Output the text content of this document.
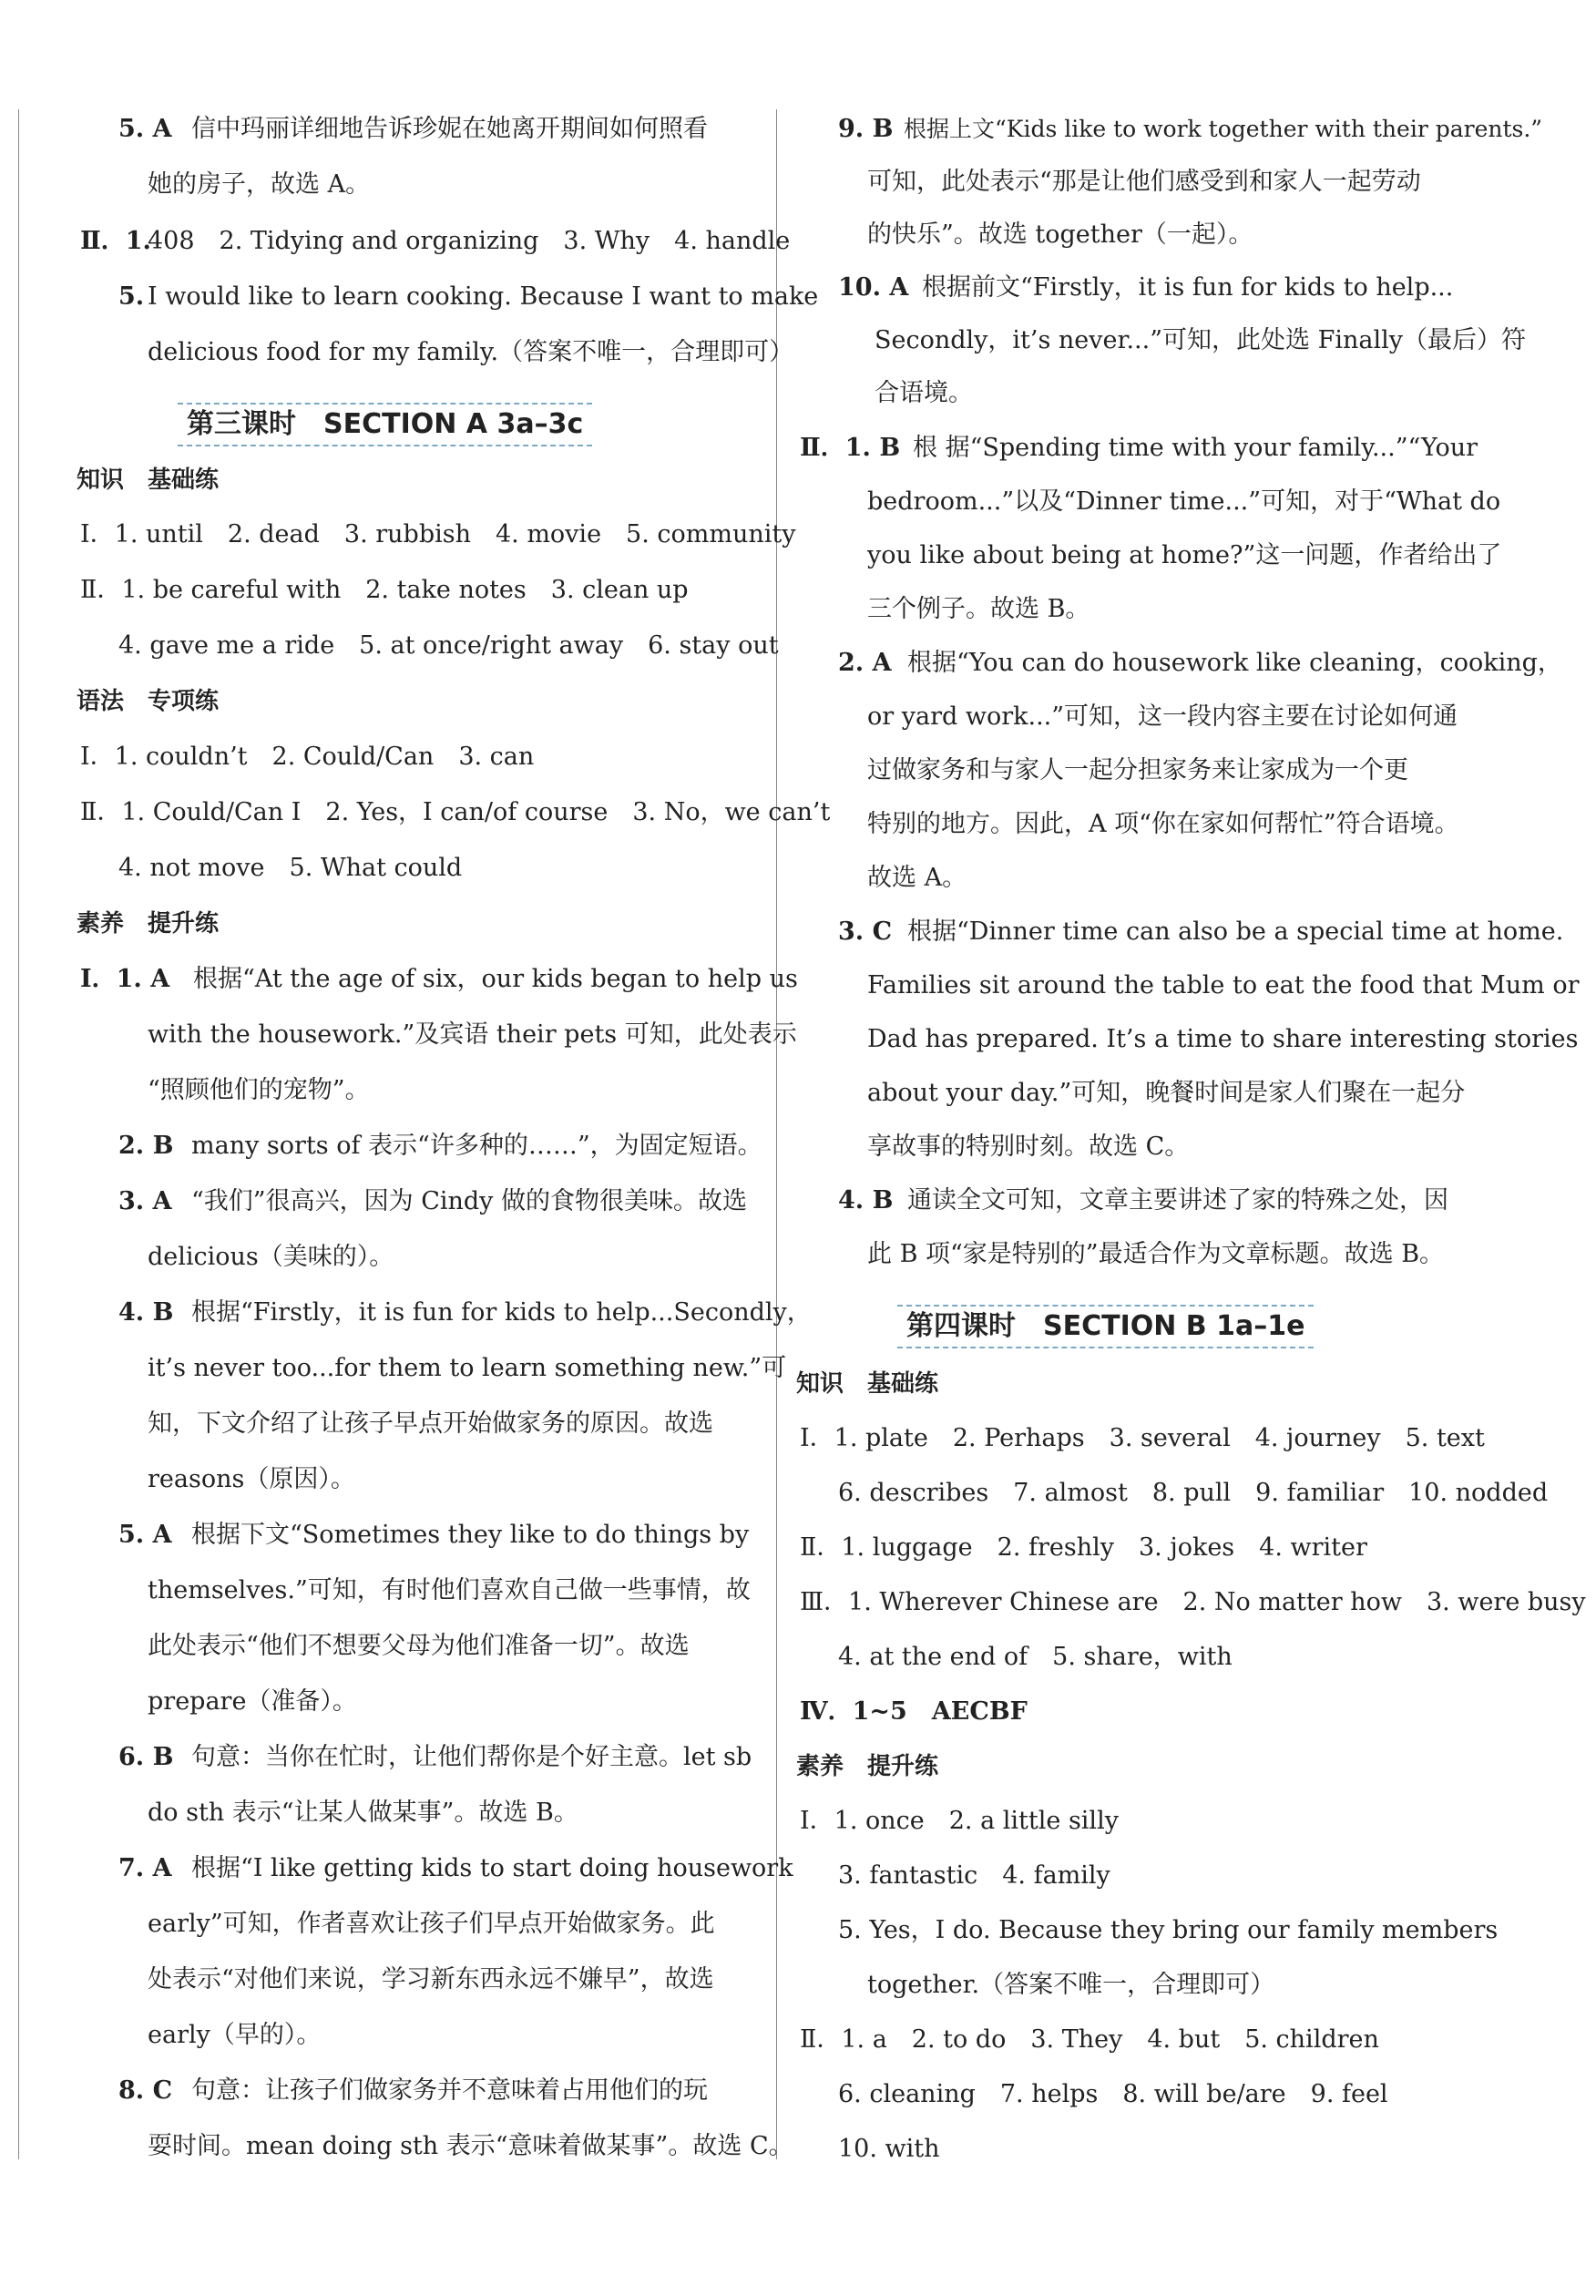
5. A 信中玛丽详细地告诉珍妮在她离开期间如何照看
她的房子，故选 A。
Ⅱ．1.
408　2. Tidying and organizing　3. Why　4. handle
5. I would like to learn cooking. Because I want to make
delicious food for my family.（答案不唯一，合理即可）
第三课时　SECTION A 3a–3c
知识　基础练
Ⅰ．1. until　2. dead　3. rubbish　4. movie　5. community
Ⅱ．1. be careful with　2. take notes　3. clean up
4. gave me a ride　5. at once/right away　6. stay out
语法　专项练
Ⅰ．1. couldn’t　2. Could/Can　3. can
Ⅱ．1. Could/Can I　2. Yes，I can/of course　3. No，we can’t
4. not move　5. What could
素养　提升练
Ⅰ．1. A 根据“At the age of six，our kids began to help us
with the housework.”及宾语 their pets 可知，此处表示
“照顾他们的宠物”。
2. B many sorts of 表示“许多种的……”，为固定短语。
3. A “我们”很高兴，因为 Cindy 做的食物很美味。故选
delicious（美味的）。
4. B 根据“Firstly，it is fun for kids to help...Secondly，
it’s never too...for them to learn something new.”可
知，下文介绍了让孩子早点开始做家务的原因。故选
reasons（原因）。
5. A 根据下文“Sometimes they like to do things by
themselves.”可知，有时他们喜欢自己做一些事情，故
此处表示“他们不想要父母为他们准备一切”。故选
prepare（准备）。
6. B 句意：当你在忙时，让他们帮你是个好主意。let sb
do sth 表示“让某人做某事”。故选 B。
7. A 根据“I like getting kids to start doing housework
early”可知，作者喜欢让孩子们早点开始做家务。此
处表示“对他们来说，学习新东西永远不嫌早”，故选
early（早的）。
8. C 句意：让孩子们做家务并不意味着占用他们的玩
耍时间。mean doing sth 表示“意味着做某事”。故选 C。
9. B 根据上文“Kids like to work together with their parents.”
可知，此处表示“那是让他们感受到和家人一起劳动
的快乐”。故选 together（一起）。
10. A 根据前文“Firstly，it is fun for kids to help...
Secondly，it’s never...”可知，此处选 Finally（最后）符
合语境。
Ⅱ．1. B 根 据“Spending time with your family...”“Your
bedroom...”以及“Dinner time...”可知，对于“What do
you like about being at home?”这一问题，作者给出了
三个例子。故选 B。
2. A 根据“You can do housework like cleaning，cooking，
or yard work...”可知，这一段内容主要在讨论如何通
过做家务和与家人一起分担家务来让家成为一个更
特别的地方。因此，A 项“你在家如何帮忙”符合语境。
故选 A。
3. C 根据“Dinner time can also be a special time at home.
Families sit around the table to eat the food that Mum or
Dad has prepared. It’s a time to share interesting stories
about your day.”可知，晚餐时间是家人们聚在一起分
享故事的特别时刻。故选 C。
4. B 通读全文可知，文章主要讲述了家的特殊之处，因
此 B 项“家是特别的”最适合作为文章标题。故选 B。
第四课时　SECTION B 1a–1e
知识　基础练
Ⅰ．1. plate　2. Perhaps　3. several　4. journey　5. text
6. describes　7. almost　8. pull　9. familiar　10. nodded
Ⅱ．1. luggage　2. freshly　3. jokes　4. writer
Ⅲ．1. Wherever Chinese are　2. No matter how　3. were busy
4. at the end of　5. share，with
Ⅳ．1~5　AECBF
素养　提升练
Ⅰ．1. once　2. a little silly
3. fantastic　4. family
5. Yes，I do. Because they bring our family members
together.（答案不唯一，合理即可）
Ⅱ．1. a　2. to do　3. They　4. but　5. children
6. cleaning　7. helps　8. will be/are　9. feel
10. with
